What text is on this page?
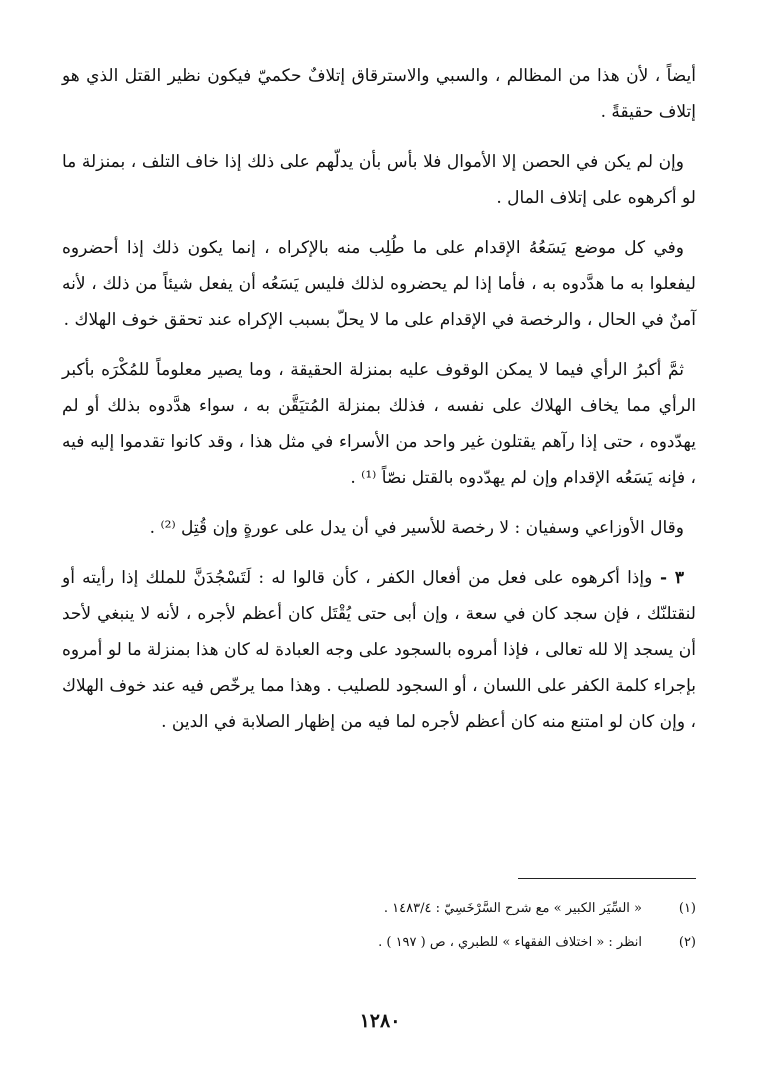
أيضاً ، لأن هذا من المظالم ، والسبي والاسترقاق إتلافٌ حكميّ فيكون نظير القتل الذي هو إتلاف حقيقةً .

وإن لم يكن في الحصن إلا الأموال فلا بأس بأن يدلّهم على ذلك إذا خاف التلف ، بمنزلة ما لو أكرهوه على إتلاف المال .

وفي كل موضع يَسَعُهُ الإقدام على ما طُلِب منه بالإكراه ، إنما يكون ذلك إذا أحضروه ليفعلوا به ما هدَّدوه به ، فأما إذا لم يحضروه لذلك فليس يَسَعُه أن يفعل شيئاً من ذلك ، لأنه آمنٌ في الحال ، والرخصة في الإقدام على ما لا يحلّ بسبب الإكراه عند تحقق خوف الهلاك .

ثمَّ أكبرُ الرأي فيما لا يمكن الوقوف عليه بمنزلة الحقيقة ، وما يصير معلوماً للمُكْرَه بأكبر الرأي مما يخاف الهلاك على نفسه ، فذلك بمنزلة المُتيَقَّن به ، سواء هدَّدوه بذلك أو لم يهدّدوه ، حتى إذا رآهم يقتلون غير واحد من الأسراء في مثل هذا ، وقد كانوا تقدموا إليه فيه ، فإنه يَسَعُه الإقدام وإن لم يهدّدوه بالقتل نصّاً ⁽¹⁾ .

وقال الأوزاعي وسفيان : لا رخصة للأسير في أن يدل على عورةٍ وإن قُتِل ⁽²⁾ .

٣ - وإذا أكرهوه على فعل من أفعال الكفر ، كأن قالوا له : لَتَسْجُدَنَّ للملك إذا رأيته أو لنقتلنّك ، فإن سجد كان في سعة ، وإن أبى حتى يُقْتَل كان أعظم لأجره ، لأنه لا ينبغي لأحد أن يسجد إلا لله تعالى ، فإذا أمروه بالسجود على وجه العبادة له كان هذا بمنزلة ما لو أمروه بإجراء كلمة الكفر على اللسان ، أو السجود للصليب . وهذا مما يرخّص فيه عند خوف الهلاك ، وإن كان لو امتنع منه كان أعظم لأجره لما فيه من إظهار الصلابة في الدين .

(١)« السِّيَر الكبير » مع شرح السَّرْخَسِيّ : ١٤٨٣/٤ .
(٢)انظر : « اختلاف الفقهاء » للطبري ، ص ( ١٩٧ ) .
١٢٨٠
